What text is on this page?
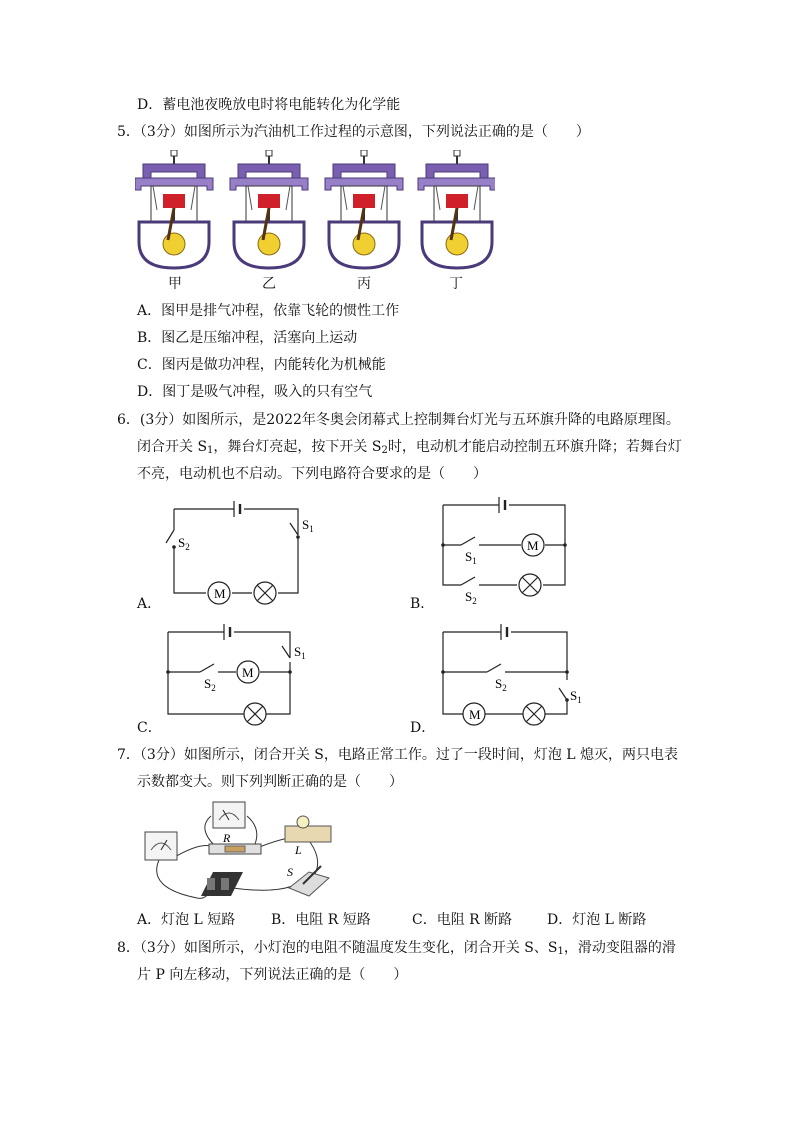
D．蓄电池夜晚放电时将电能转化为化学能
5．（3分）如图所示为汽油机工作过程的示意图，下列说法正确的是（　　）
甲	乙	丙	丁
A．图甲是排气冲程，依靠飞轮的惯性工作
B．图乙是压缩冲程，活塞向上运动
C．图丙是做功冲程，内能转化为机械能
D．图丁是吸气冲程，吸入的只有空气
6．(3分）如图所示，是2022年冬奥会闭幕式上控制舞台灯光与五环旗升降的电路原理图。
闭合开关 $S_1$，舞台灯亮起，按下开关 $S_2$时，电动机才能启动控制五环旗升降；若舞台灯
不亮，电动机也不启动。下列电路符合要求的是（　　）
M
$S_2$
$S_1$
A．
M
$S_1$
$S_2$
B．
M
$S_2$
$S_1$
C．
M
$S_2$	$S_1$
D．
7．（3分）如图所示，闭合开关 S，电路正常工作。过了一段时间，灯泡 L 熄灭，两只电表
示数都变大。则下列判断正确的是（　　）
R
L
S
A．灯泡 L 短路	B．电阻 R 短路	C．电阻 R 断路 D．灯泡 L 断路
8．（3分）如图所示，小灯泡的电阻不随温度发生变化，闭合开关 S、$S_1$，滑动变阻器的滑
片 P 向左移动，下列说法正确的是（　　）
